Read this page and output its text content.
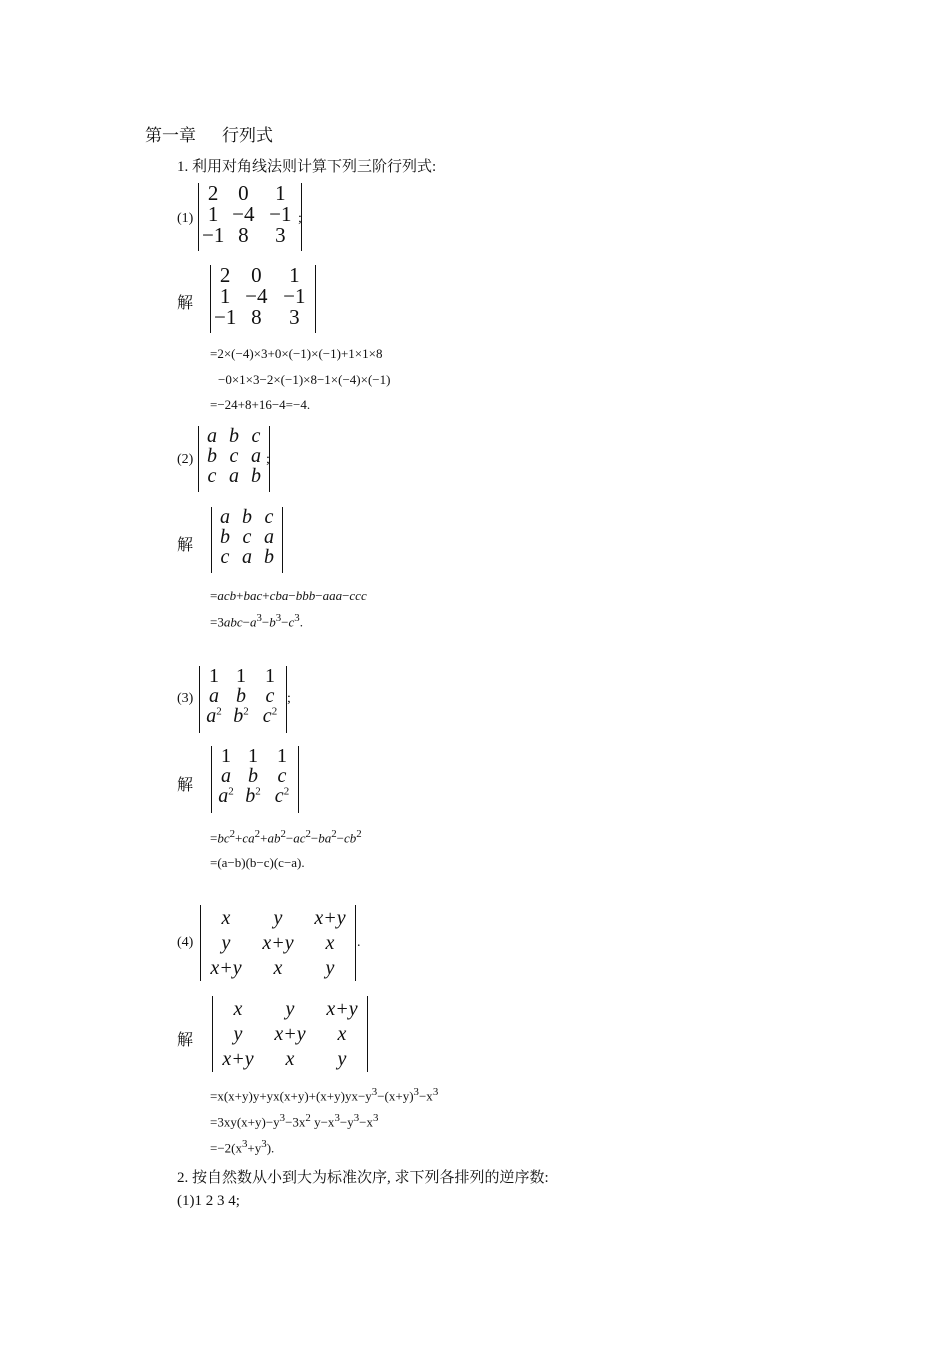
第一章 行列式
1. 利用对角线法则计算下列三阶行列式:
(1)
2	0	1
1	−4	−1
−1	8	3
;
解
2	0	1
1	−4	−1
−1	8	3
=2×(−4)×3+0×(−1)×(−1)+1×1×8
−0×1×3−2×(−1)×8−1×(−4)×(−1)
=−24+8+16−4=−4.
(2)
a	b	c
b	c	a
c	a	b
;
解
a	b	c
b	c	a
c	a	b
=acb+bac+cba−bbb−aaa−ccc
$=3abc-a^3-b^3-c^3$.
(3)
1	1	1
a	b	c
$a^2$	$b^2$	$c^2$
;
解
1	1	1
a	b	c
$a^2$	$b^2$	$c^2$
$=bc^2+ca^2+ab^2-ac^2-ba^2-cb^2$
=(a−b)(b−c)(c−a).
(4)
x	y	x+y
y	x+y	x
x+y	x	y
.
解
x	y	x+y
y	x+y	x
x+y	x	y
$=x(x+y)y+yx(x+y)+(x+y)yx-y^3-(x+y)^3-x^3$
$=3xy(x+y)-y^3-3x^2$ $y-x^3-y^3-x^3$
$=-2(x^3+y^3)$.
2. 按自然数从小到大为标准次序, 求下列各排列的逆序数:
(1)1 2 3 4;
